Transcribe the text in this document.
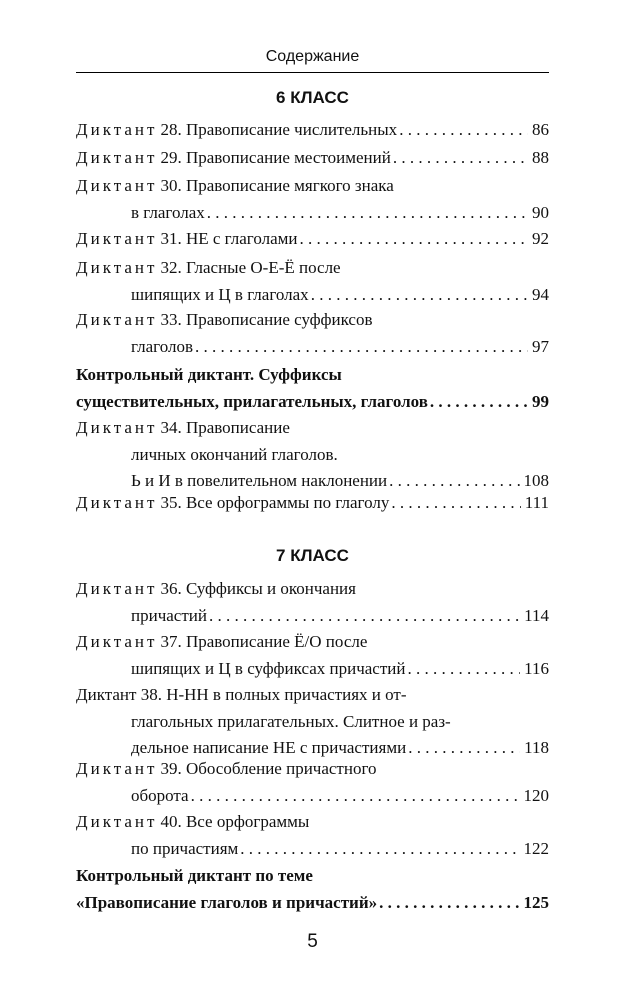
Содержание
6 КЛАСС
Диктант 28. Правописание числительных . . .	86
Диктант 29. Правописание местоимений . . .	88
Диктант 30. Правописание мягкого знака
в глаголах . . .	90
Диктант 31. НЕ с глаголами . . .	92
Диктант 32. Гласные О-Е-Ё после
шипящих и Ц в глаголах . . .	94
Диктант 33. Правописание суффиксов
глаголов . . .	97
Контрольный диктант. Суффиксы
существительных, прилагательных, глаголов . . .	99
Диктант 34. Правописание
личных окончаний глаголов.
Ь и И в повелительном наклонении . . .	108
Диктант 35. Все орфограммы по глаголу . . .	111
7 КЛАСС
Диктант 36. Суффиксы и окончания
причастий . . .	114
Диктант 37. Правописание Ё/О после
шипящих и Ц в суффиксах причастий . . .	116
Диктант 38. Н-НН в полных причастиях и от-
глагольных прилагательных. Слитное и раз-
дельное написание НЕ с причастиями . . .	118
Диктант 39. Обособление причастного
оборота . . .	120
Диктант 40. Все орфограммы
по причастиям . . .	122
Контрольный диктант по теме
«Правописание глаголов и причастий» . . .	125
5
